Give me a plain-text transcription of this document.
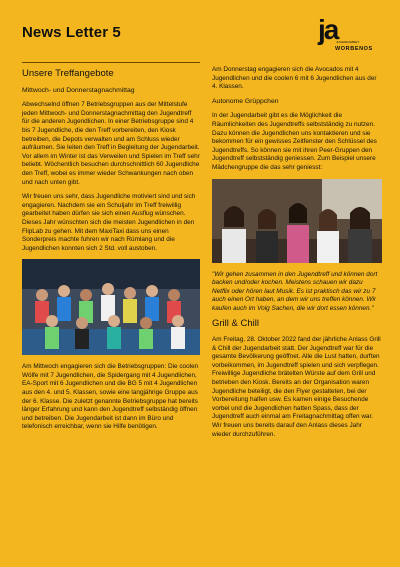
News Letter 5	ja
JUGENDARBEIT
WORBENOS
Unsere Treffangebote
Mittwoch- und Donnerstagnachmittag

Abwechselnd öffnen 7 Betriebsgruppen aus der Mittelstufe jeden Mittwoch- und Donnerstagnachmittag den Jugendtreff für die anderen Jugendlichen. In einer Betriebsgruppe sind 4 bis 7 Jugendliche, die den Treff vorbereiten, den Kiosk betreiben, die Depots verwalten und am Schluss wieder aufräumen. Sie leiten den Treff in Begleitung der Jugendarbeit. Vor allem im Winter ist das Verweilen und Spielen im Treff sehr beliebt. Wöchentlich besuchen durchschnittlich 60 Jugendliche den Treff, wobei es immer wieder Schwankungen nach oben und nach unten gibt.

Wir freuen uns sehr, dass Jugendliche motiviert sind und sich engagieren. Nachdem sie ein Schuljahr im Treff freiwillig gearbeitet haben dürfen sie sich einen Ausflug wünschen. Dieses Jahr wünschten sich die meisten Jugendlichen in den FlipLab zu gehen. Mit dem MaxiTaxi dass uns einen Sonderpreis machte fuhren wir nach Rümlang und die Jugendlichen konnten sich 2 Std. voll austoben.

Am Mittwoch engagieren sich die Betriebsgruppen: Die coolen Wölfe mit 7 Jugendlichen, die Spidergang mit 4 Jugendlichen, EA-Sport mit 6 Jugendlichen und die BG 5 mit 4 Jugendlichen aus den 4. und 5. Klassen, sowie eine langjährige Gruppe aus der 6. Klasse. Die zuletzt genannte Betriebsgruppe hat bereits länger Erfahrung und kann den Jugendtreff selbständig öffnen und betreiben. Die Jugendarbeit ist dann im Büro und telefonisch erreichbar, wenn sie Hilfe benötigen.

Am Donnerstag engagieren sich die Avocados mit 4 Jugendlichen und die coolen 6 mit 6 Jugendlichen aus der 4. Klassen.

Autonome Grüppchen

In der Jugendarbeit gibt es die Möglichkeit die Räumlichkeiten des Jugendtreffs selbstständig zu nutzen. Dazu können die Jugendlichen uns kontaktieren und sie bekommen für ein gewisses Zeitfenster den Schlüssel des Jugendtreffs. So können sie mit ihren Peer-Gruppen den Jugendtreff selbstständig geniessen. Zum Beispiel unsere Mädchengruppe die das sehr geniesst:

"Wir gehen zusammen in den Jugendtreff und können dort backen und/oder kochen. Meistens schauen wir dazu Netflix oder hören laut Musik. Es ist praktisch das wir zu 7 auch einen Ort haben, an dem wir uns treffen können. Wir kaufen auch im Volg Sachen, die wir dort essen können."

Grill & Chill

Am Freitag, 28. Oktober 2022 fand der jährliche Anlass Grill & Chill der Jugendarbeit statt. Der Jugendtreff war für die gesamte Bevölkerung geöffnet. Alle die Lust hatten, durften vorbeikommen, im Jugendtreff spielen und sich verpflegen. Freiwillige Jugendliche brätelten Würste auf dem Grill und betrieben den Kiosk. Bereits an der Organisation waren Jugendliche beteiligt, die den Flyer gestalteten, bei der Vorbereitung halfen usw. Es kamen einige Besuchende vorbei und die Jugendlichen hatten Spass, dass der Jugendtreff auch einmal am Freitagnachmittag offen war. Wir freuen uns bereits darauf den Anlass dieses Jahr wieder durchzuführen.
